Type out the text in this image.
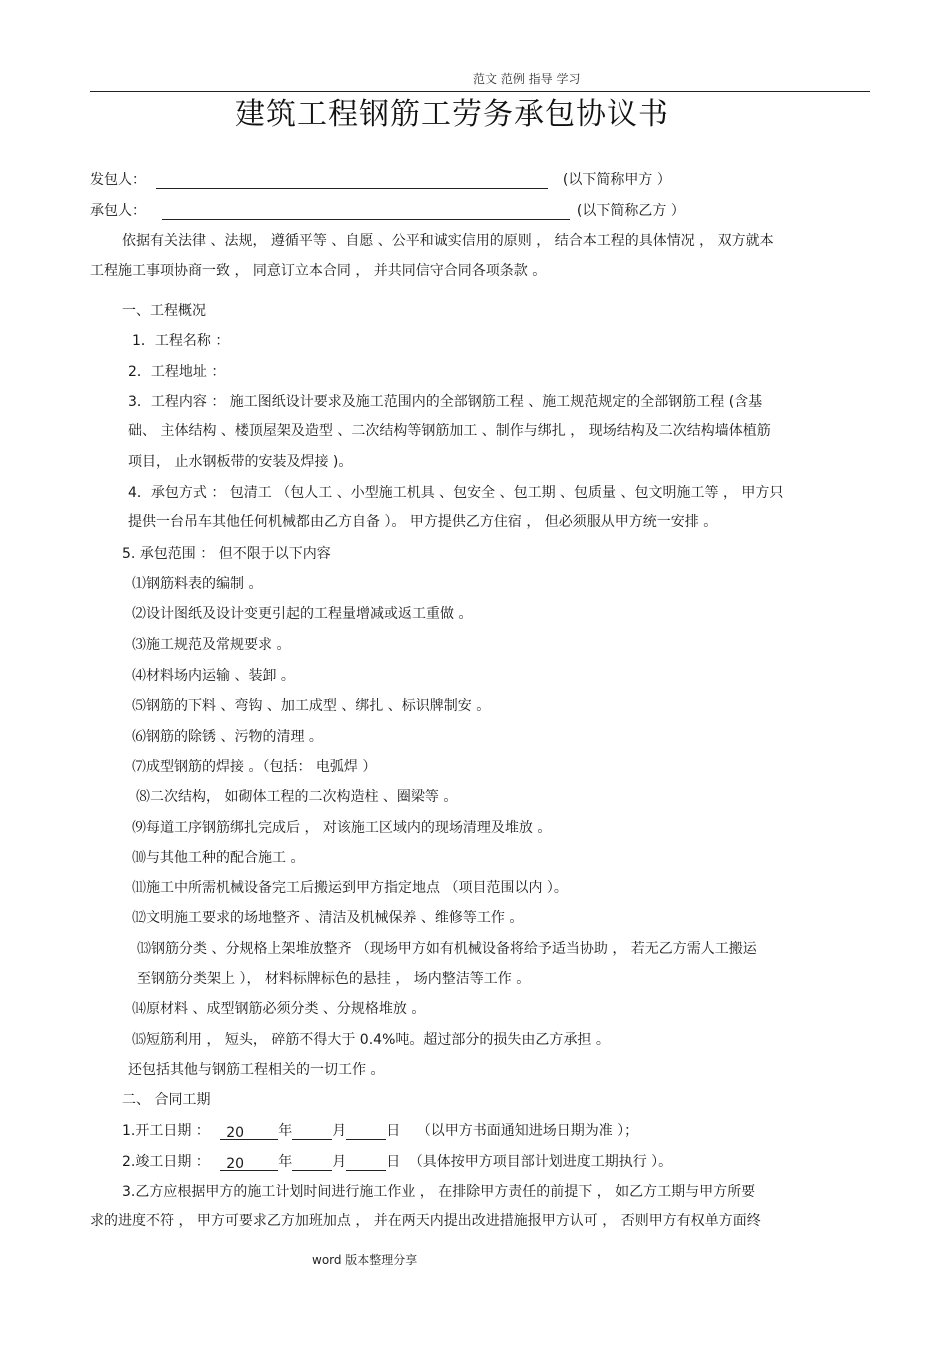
范文 范例 指导 学习
建筑工程钢筋工劳务承包协议书
发包人：	(以下简称甲方 ）
承包人：	(以下简称乙方 ）
依据有关法律 、法规， 遵循平等 、自愿 、公平和诚实信用的原则 ， 结合本工程的具体情况 ， 双方就本
工程施工事项协商一致 ， 同意订立本合同 ， 并共同信守合同各项条款 。
一、工程概况
1．工程名称 ：
2．工程地址 ：
3．工程内容 ： 施工图纸设计要求及施工范围内的全部钢筋工程 、施工规范规定的全部钢筋工程 (含基
础、 主体结构 、楼顶屋架及造型 、二次结构等钢筋加工 、制作与绑扎 ， 现场结构及二次结构墙体植筋
项目， 止水钢板带的安装及焊接 )。
4．承包方式 ： 包清工 （包人工 、小型施工机具 、包安全 、包工期 、包质量 、包文明施工等 ， 甲方只
提供一台吊车其他任何机械都由乙方自备 ）。 甲方提供乙方住宿 ， 但必须服从甲方统一安排 。
5. 承包范围 ： 但不限于以下内容
⑴钢筋料表的编制 。
⑵设计图纸及设计变更引起的工程量增减或返工重做 。
⑶施工规范及常规要求 。
⑷材料场内运输 、装卸 。
⑸钢筋的下料 、弯钩 、加工成型 、绑扎 、标识牌制安 。
⑹钢筋的除锈 、污物的清理 。
⑺成型钢筋的焊接 。（包括： 电弧焊 ）
⑻二次结构， 如砌体工程的二次构造柱 、圈梁等 。
⑼每道工序钢筋绑扎完成后 ， 对该施工区域内的现场清理及堆放 。
⑽与其他工种的配合施工 。
⑾施工中所需机械设备完工后搬运到甲方指定地点 （项目范围以内 ）。
⑿文明施工要求的场地整齐 、清洁及机械保养 、维修等工作 。
⒀钢筋分类 、分规格上架堆放整齐 （现场甲方如有机械设备将给予适当协助 ， 若无乙方需人工搬运
至钢筋分类架上 ）， 材料标牌标色的悬挂 ， 场内整洁等工作 。
⒁原材料 、成型钢筋必须分类 、分规格堆放 。
⒂短筋利用 ， 短头， 碎筋不得大于 0.4%吨。超过部分的损失由乙方承担 。
还包括其他与钢筋工程相关的一切工作 。
二、 合同工期
1.开工日期 ： 20 年	月	日 （以甲方书面通知进场日期为准 ）；
2.竣工日期 ： 20 年	月	日 （具体按甲方项目部计划进度工期执行 ）。
3.乙方应根据甲方的施工计划时间进行施工作业 ， 在排除甲方责任的前提下 ， 如乙方工期与甲方所要
求的进度不符 ， 甲方可要求乙方加班加点 ， 并在两天内提出改进措施报甲方认可 ， 否则甲方有权单方面终
word 版本整理分享
